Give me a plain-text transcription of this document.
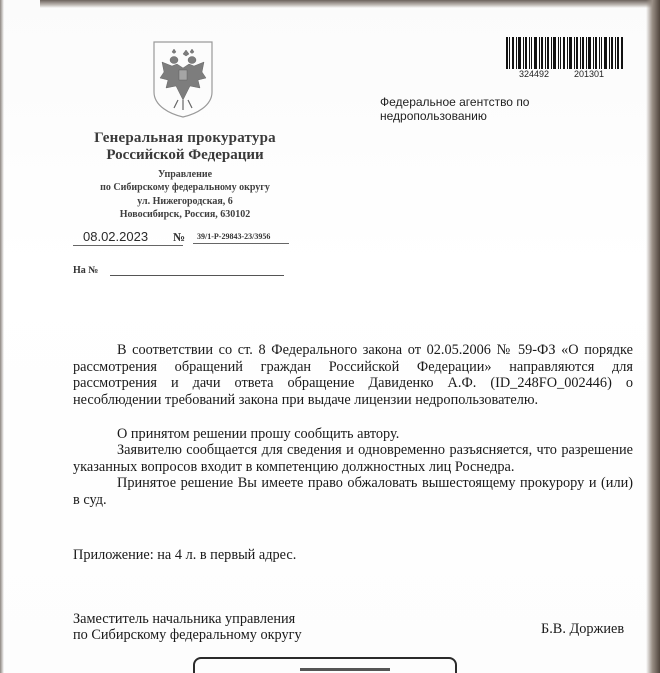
Генеральная прокуратура
Российской Федерации
Управление
по Сибирскому федеральному округу
ул. Нижегородская, 6
Новосибирск, Россия, 630102
08.02.2023	№	39/1-Р-29843-23/3956
На №
324492	201301
Федеральное агентство по
недропользованию
В соответствии со ст. 8 Федерального закона от 02.05.2006 № 59-ФЗ «О порядке рассмотрения обращений граждан Российской Федерации» направляются для рассмотрения и дачи ответа обращение Давиденко А.Ф. (ID_248FO_002446) о несоблюдении требований закона при выдаче лицензии недропользователю.
О принятом решении прошу сообщить автору.
Заявителю сообщается для сведения и одновременно разъясняется, что разрешение указанных вопросов входит в компетенцию должностных лиц Роснедра.
Принятое решение Вы имеете право обжаловать вышестоящему прокурору и (или) в суд.
Приложение: на 4 л. в первый адрес.
Заместитель начальника управления
по Сибирскому федеральному округу	Б.В. Доржиев
